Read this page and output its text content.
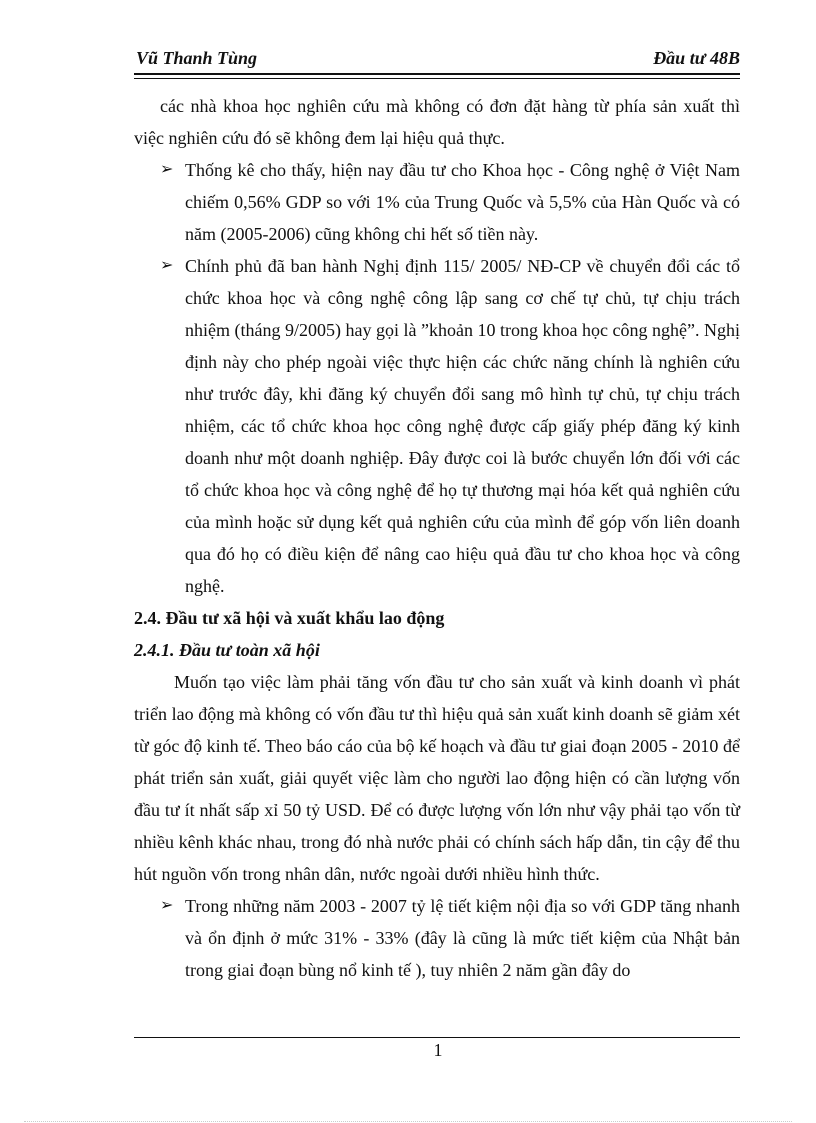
Vũ Thanh Tùng	Đầu tư 48B

các nhà khoa học nghiên cứu mà không có đơn đặt hàng từ phía sản xuất thì việc nghiên cứu đó sẽ không đem lại hiệu quả thực.

➢ Thống kê cho thấy, hiện nay đầu tư cho Khoa học - Công nghệ ở Việt Nam chiếm 0,56% GDP so với 1% của Trung Quốc và 5,5% của Hàn Quốc và có năm (2005-2006) cũng không chi hết số tiền này.

➢ Chính phủ đã ban hành Nghị định 115/ 2005/ NĐ-CP về chuyển đổi các tổ chức khoa học và công nghệ công lập sang cơ chế tự chủ, tự chịu trách nhiệm (tháng 9/2005) hay gọi là ”khoản 10 trong khoa học công nghệ”. Nghị định này cho phép ngoài việc thực hiện các chức năng chính là nghiên cứu như trước đây, khi đăng ký chuyển đổi sang mô hình tự chủ, tự chịu trách nhiệm, các tổ chức khoa học công nghệ được cấp giấy phép đăng ký kinh doanh như một doanh nghiệp. Đây được coi là bước chuyển lớn đối với các tổ chức khoa học và công nghệ để họ tự thương mại hóa kết quả nghiên cứu của mình hoặc sử dụng kết quả nghiên cứu của mình để góp vốn liên doanh qua đó họ có điều kiện để nâng cao hiệu quả đầu tư cho khoa học và công nghệ.

2.4. Đầu tư xã hội và xuất khẩu lao động

2.4.1. Đầu tư toàn xã hội

Muốn tạo việc làm phải tăng vốn đầu tư cho sản xuất và kinh doanh vì phát triển lao động mà không có vốn đầu tư thì hiệu quả sản xuất kinh doanh sẽ giảm xét từ góc độ kinh tế. Theo báo cáo của bộ kế hoạch và đầu tư giai đoạn 2005 - 2010 để phát triển sản xuất, giải quyết việc làm cho người lao động hiện có cần lượng vốn đầu tư ít nhất sấp xỉ 50 tỷ USD. Để có được lượng vốn lớn như vậy phải tạo vốn từ nhiều kênh khác nhau, trong đó nhà nước phải có chính sách hấp dẫn, tin cậy để thu hút nguồn vốn trong nhân dân, nước ngoài dưới nhiều hình thức.

➢ Trong những năm 2003 - 2007 tỷ lệ tiết kiệm nội địa so với GDP tăng nhanh và ổn định ở mức 31% - 33% (đây là cũng là mức tiết kiệm của Nhật bản trong giai đoạn bùng nổ kinh tế ), tuy nhiên 2 năm gần đây do

1
